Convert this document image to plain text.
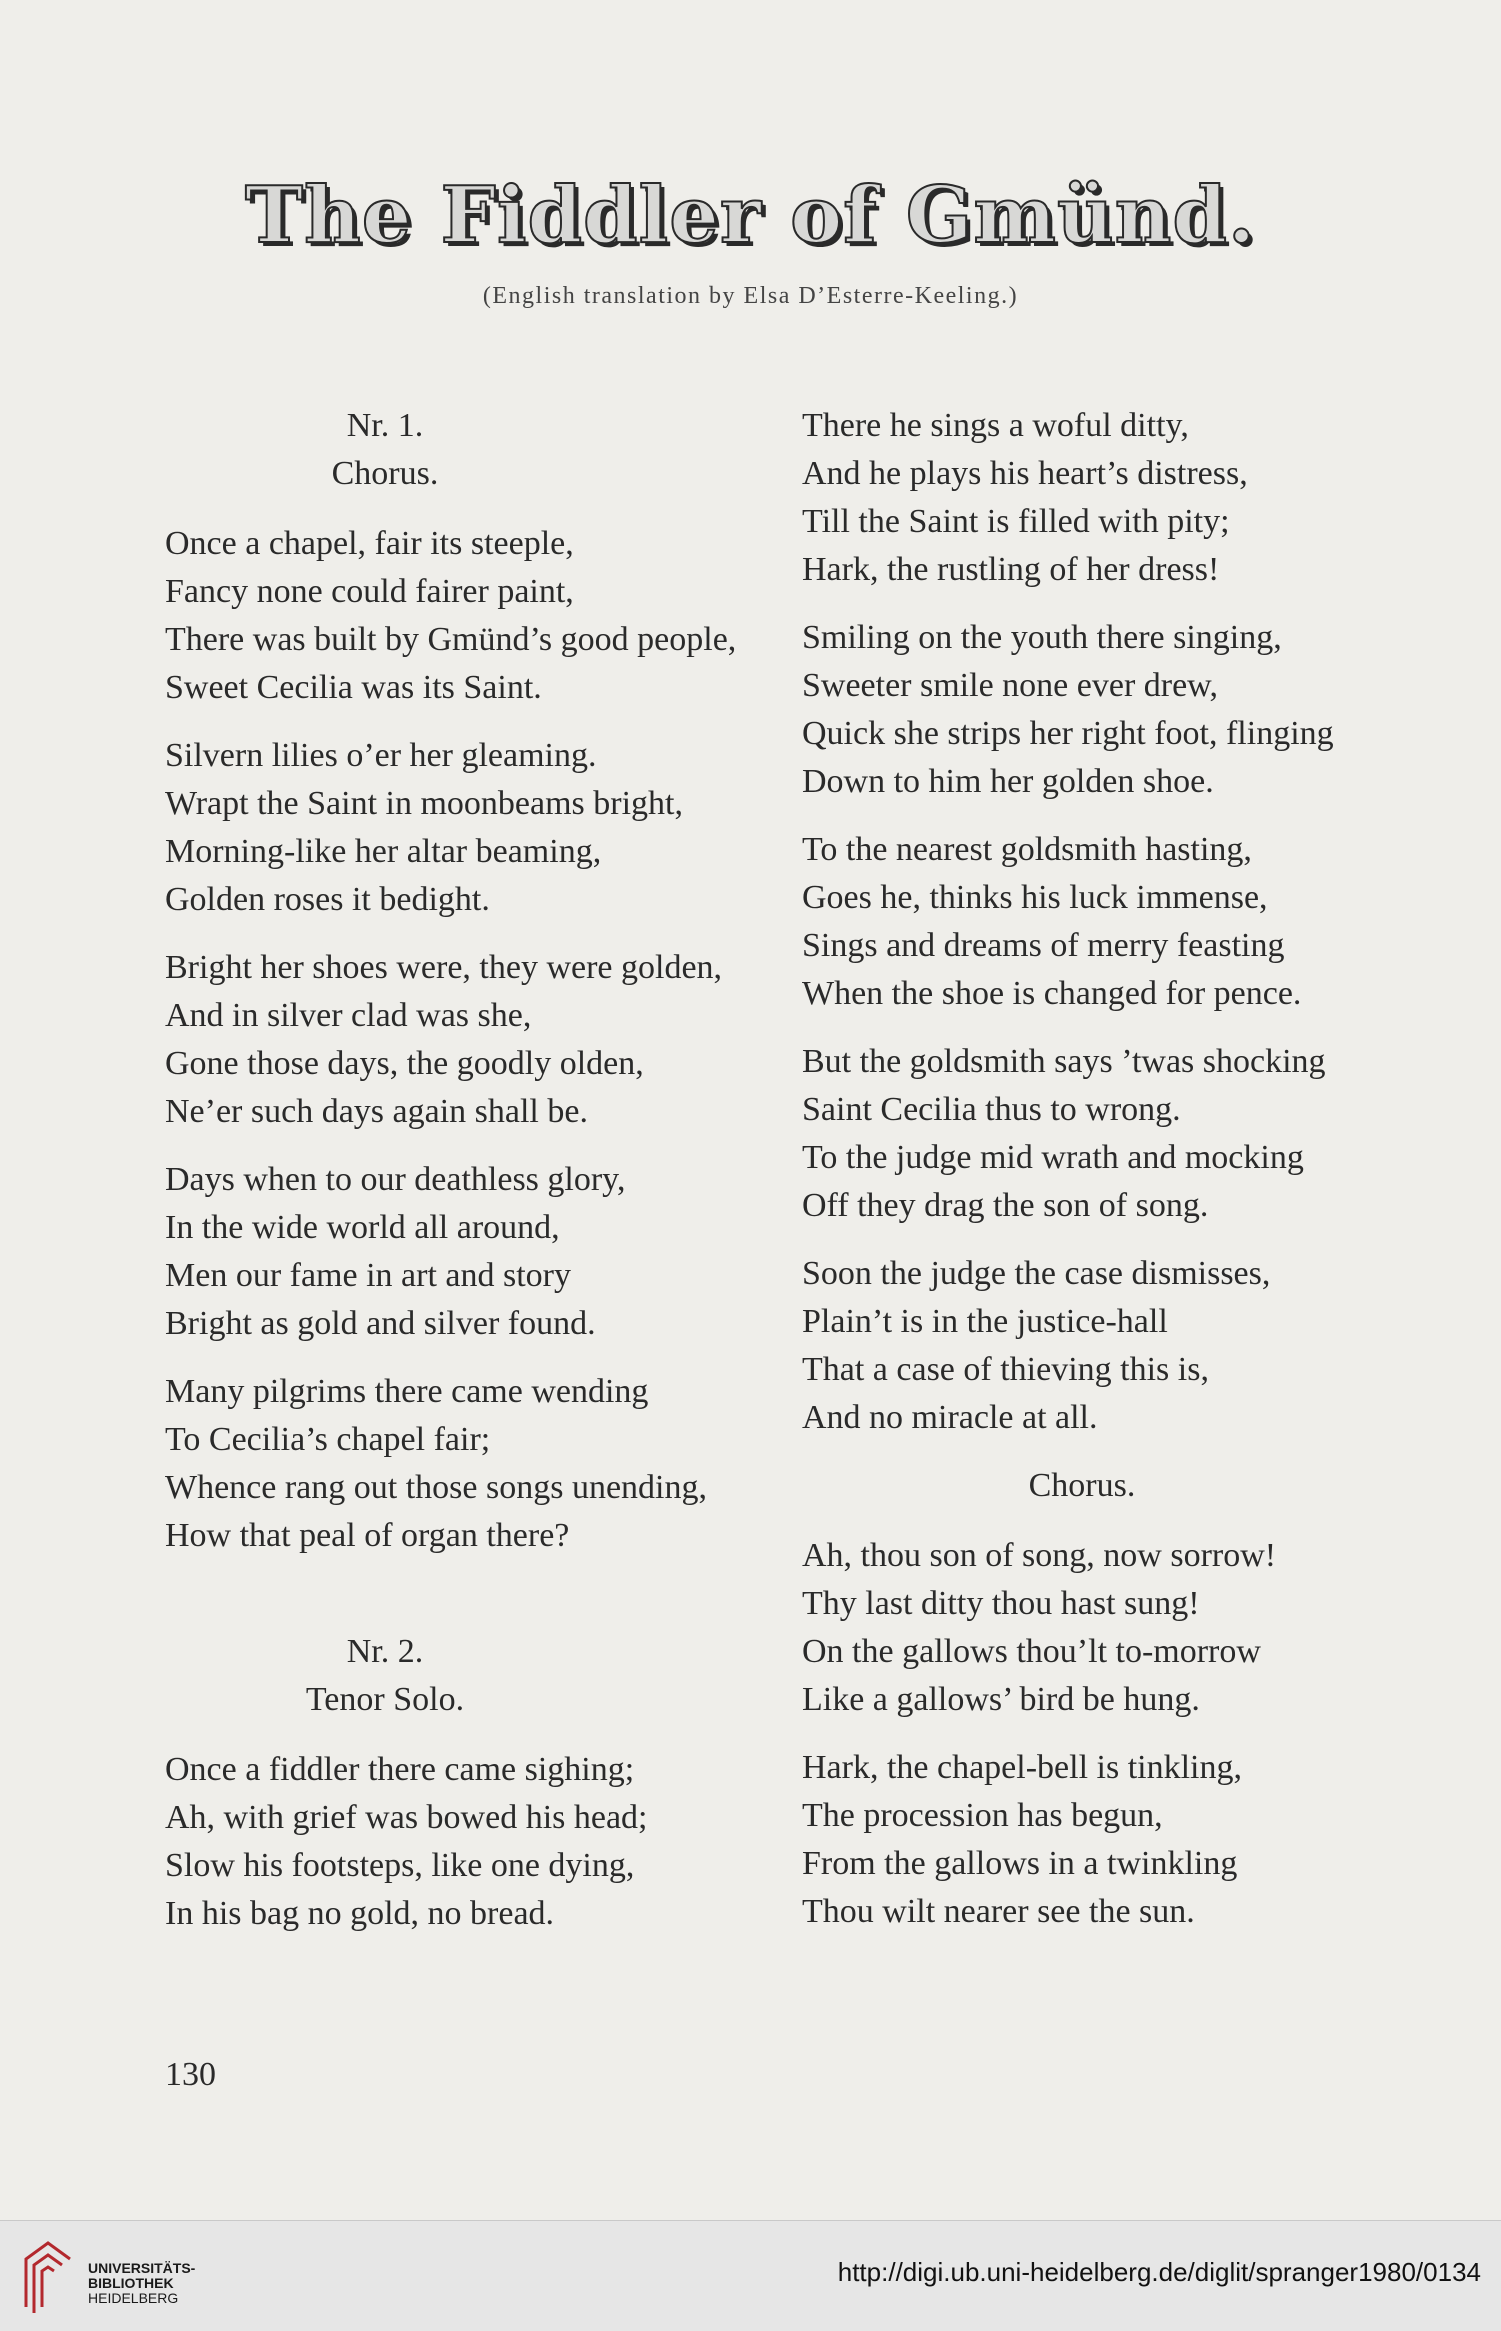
The Fiddler of Gmünd.
(English translation by Elsa D’Esterre-Keeling.)
Nr. 1.
Chorus.
Once a chapel, fair its steeple,
Fancy none could fairer paint,
There was built by Gmünd’s good people,
Sweet Cecilia was its Saint.
Silvern lilies o’er her gleaming.
Wrapt the Saint in moonbeams bright,
Morning-like her altar beaming,
Golden roses it bedight.
Bright her shoes were, they were golden,
And in silver clad was she,
Gone those days, the goodly olden,
Ne’er such days again shall be.
Days when to our deathless glory,
In the wide world all around,
Men our fame in art and story
Bright as gold and silver found.
Many pilgrims there came wending
To Cecilia’s chapel fair;
Whence rang out those songs unending,
How that peal of organ there?
Nr. 2.
Tenor Solo.
Once a fiddler there came sighing;
Ah, with grief was bowed his head;
Slow his footsteps, like one dying,
In his bag no gold, no bread.
There he sings a woful ditty,
And he plays his heart’s distress,
Till the Saint is filled with pity;
Hark, the rustling of her dress!
Smiling on the youth there singing,
Sweeter smile none ever drew,
Quick she strips her right foot, flinging
Down to him her golden shoe.
To the nearest goldsmith hasting,
Goes he, thinks his luck immense,
Sings and dreams of merry feasting
When the shoe is changed for pence.
But the goldsmith says ’twas shocking
Saint Cecilia thus to wrong.
To the judge mid wrath and mocking
Off they drag the son of song.
Soon the judge the case dismisses,
Plain’t is in the justice-hall
That a case of thieving this is,
And no miracle at all.
Chorus.
Ah, thou son of song, now sorrow!
Thy last ditty thou hast sung!
On the gallows thou’lt to-morrow
Like a gallows’ bird be hung.
Hark, the chapel-bell is tinkling,
The procession has begun,
From the gallows in a twinkling
Thou wilt nearer see the sun.
130
UNIVERSITÄTS-
BIBLIOTHEK
HEIDELBERG
http://digi.ub.uni-heidelberg.de/diglit/spranger1980/0134
